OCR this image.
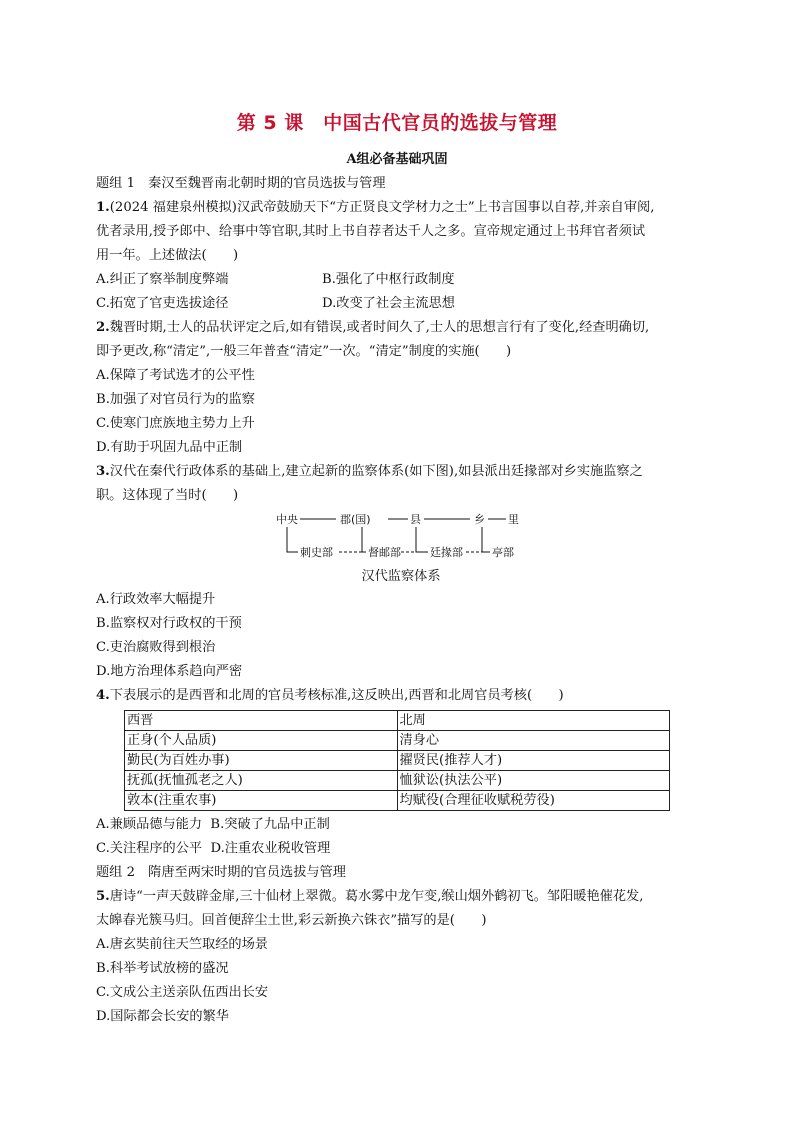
第 5 课　中国古代官员的选拔与管理
A组必备基础巩固
题组 1　秦汉至魏晋南北朝时期的官员选拔与管理
1.(2024 福建泉州模拟)汉武帝鼓励天下“方正贤良文学材力之士”上书言国事以自荐,并亲自审阅,
优者录用,授予郎中、给事中等官职,其时上书自荐者达千人之多。宣帝规定通过上书拜官者须试
用一年。上述做法(　　)
A.纠正了察举制度弊端	B.强化了中枢行政制度
C.拓宽了官吏选拔途径	D.改变了社会主流思想
2.魏晋时期,士人的品状评定之后,如有错误,或者时间久了,士人的思想言行有了变化,经查明确切,
即予更改,称“清定”,一般三年普查“清定”一次。“清定”制度的实施(　　)
A.保障了考试选才的公平性
B.加强了对官员行为的监察
C.使寒门庶族地主势力上升
D.有助于巩固九品中正制
3.汉代在秦代行政体系的基础上,建立起新的监察体系(如下图),如县派出廷掾部对乡实施监察之
职。这体现了当时(　　)
中央	郡(国)	县	乡 里
刺史部	督邮部	廷掾部	亭部
汉代监察体系
A.行政效率大幅提升
B.监察权对行政权的干预
C.吏治腐败得到根治
D.地方治理体系趋向严密
4.下表展示的是西晋和北周的官员考核标准,这反映出,西晋和北周官员考核(　　)
西晋	北周
正身(个人品质)	清身心
勤民(为百姓办事)	擢贤民(推荐人才)
抚孤(抚恤孤老之人)	恤狱讼(执法公平)
敦本(注重农事)	均赋役(合理征收赋税劳役)
A.兼顾品德与能力 B.突破了九品中正制
C.关注程序的公平 D.注重农业税收管理
题组 2　隋唐至两宋时期的官员选拔与管理
5.唐诗“一声天鼓辟金扉,三十仙材上翠微。葛水雾中龙乍变,缑山烟外鹤初飞。邹阳暖艳催花发,
太皞春光簇马归。回首便辞尘土世,彩云新换六铢衣”描写的是(　　)
A.唐玄奘前往天竺取经的场景
B.科举考试放榜的盛况
C.文成公主送亲队伍西出长安
D.国际都会长安的繁华
